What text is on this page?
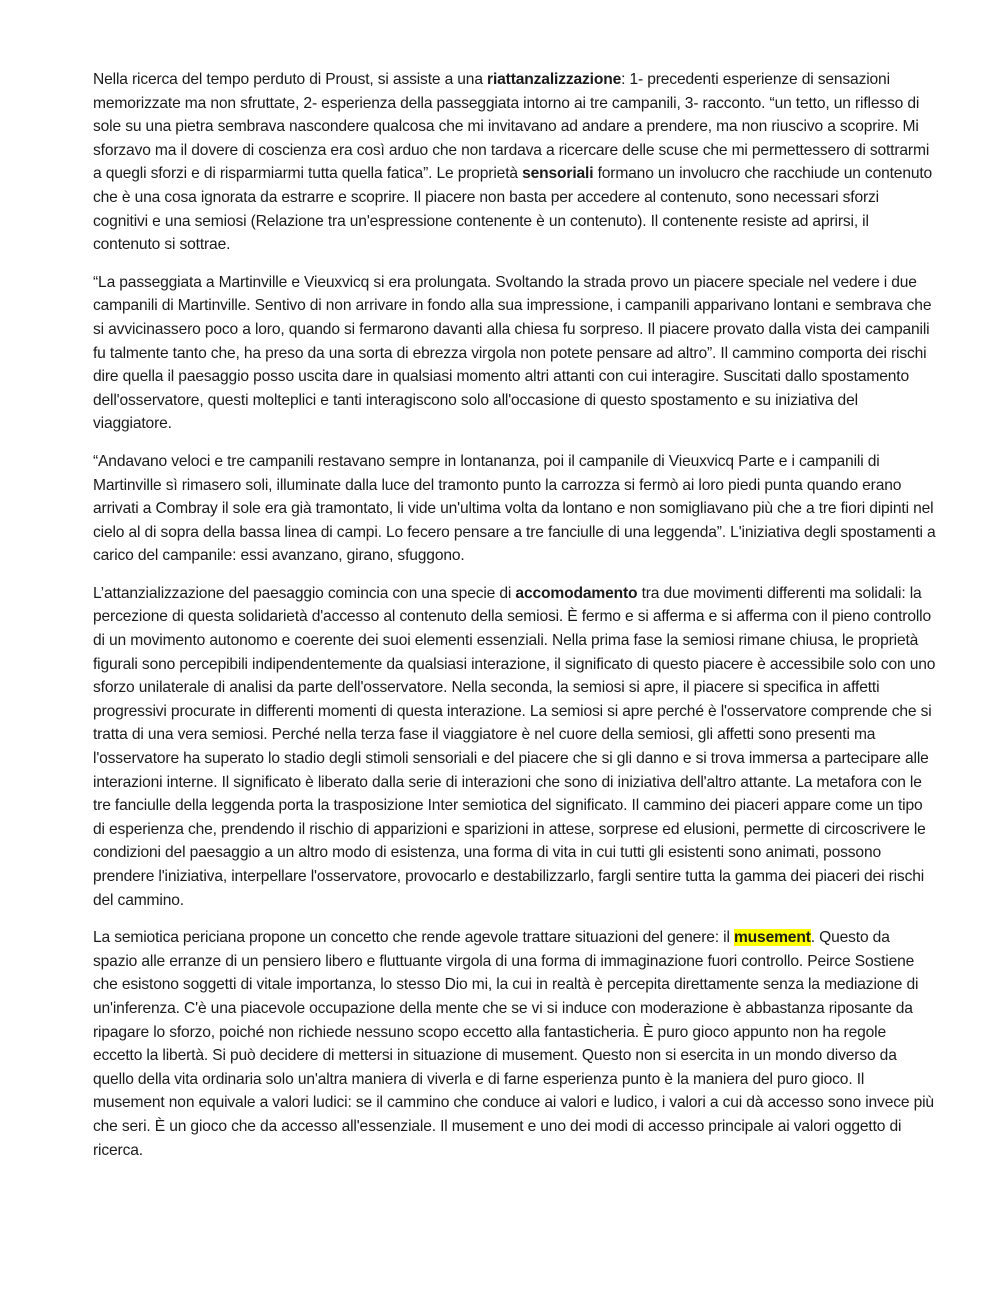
Nella ricerca del tempo perduto di Proust, si assiste a una riattanzalizzazione: 1- precedenti esperienze di sensazioni memorizzate ma non sfruttate, 2- esperienza della passeggiata intorno ai tre campanili, 3- racconto. “un tetto, un riflesso di sole su una pietra sembrava nascondere qualcosa che mi invitavano ad andare a prendere, ma non riuscivo a scoprire. Mi sforzavo ma il dovere di coscienza era così arduo che non tardava a ricercare delle scuse che mi permettessero di sottrarmi a quegli sforzi e di risparmiarmi tutta quella fatica”. Le proprietà sensoriali formano un involucro che racchiude un contenuto che è una cosa ignorata da estrarre e scoprire. Il piacere non basta per accedere al contenuto, sono necessari sforzi cognitivi e una semiosi (Relazione tra un'espressione contenente è un contenuto). Il contenente resiste ad aprirsi, il contenuto si sottrae.

“La passeggiata a Martinville e Vieuxvicq si era prolungata. Svoltando la strada provo un piacere speciale nel vedere i due campanili di Martinville. Sentivo di non arrivare in fondo alla sua impressione, i campanili apparivano lontani e sembrava che si avvicinassero poco a loro, quando si fermarono davanti alla chiesa fu sorpreso. Il piacere provato dalla vista dei campanili fu talmente tanto che, ha preso da una sorta di ebrezza virgola non potete pensare ad altro”. Il cammino comporta dei rischi dire quella il paesaggio posso uscita dare in qualsiasi momento altri attanti con cui interagire. Suscitati dallo spostamento dell'osservatore, questi molteplici e tanti interagiscono solo all'occasione di questo spostamento e su iniziativa del viaggiatore.

“Andavano veloci e tre campanili restavano sempre in lontananza, poi il campanile di Vieuxvicq Parte e i campanili di Martinville sì rimasero soli, illuminate dalla luce del tramonto punto la carrozza si fermò ai loro piedi punta quando erano arrivati a Combray il sole era già tramontato, li vide un'ultima volta da lontano e non somigliavano più che a tre fiori dipinti nel cielo al di sopra della bassa linea di campi. Lo fecero pensare a tre fanciulle di una leggenda”. L'iniziativa degli spostamenti a carico del campanile: essi avanzano, girano, sfuggono.

L’attanzializzazione del paesaggio comincia con una specie di accomodamento tra due movimenti differenti ma solidali: la percezione di questa solidarietà d'accesso al contenuto della semiosi. È fermo e si afferma e si afferma con il pieno controllo di un movimento autonomo e coerente dei suoi elementi essenziali. Nella prima fase la semiosi rimane chiusa, le proprietà figurali sono percepibili indipendentemente da qualsiasi interazione, il significato di questo piacere è accessibile solo con uno sforzo unilaterale di analisi da parte dell'osservatore. Nella seconda, la semiosi si apre, il piacere si specifica in affetti progressivi procurate in differenti momenti di questa interazione. La semiosi si apre perché è l'osservatore comprende che si tratta di una vera semiosi. Perché nella terza fase il viaggiatore è nel cuore della semiosi, gli affetti sono presenti ma l'osservatore ha superato lo stadio degli stimoli sensoriali e del piacere che si gli danno e si trova immersa a partecipare alle interazioni interne. Il significato è liberato dalla serie di interazioni che sono di iniziativa dell'altro attante. La metafora con le tre fanciulle della leggenda porta la trasposizione Inter semiotica del significato. Il cammino dei piaceri appare come un tipo di esperienza che, prendendo il rischio di apparizioni e sparizioni in attese, sorprese ed elusioni, permette di circoscrivere le condizioni del paesaggio a un altro modo di esistenza, una forma di vita in cui tutti gli esistenti sono animati, possono prendere l'iniziativa, interpellare l'osservatore, provocarlo e destabilizzarlo, fargli sentire tutta la gamma dei piaceri dei rischi del cammino.

La semiotica periciana propone un concetto che rende agevole trattare situazioni del genere: il musement. Questo da spazio alle erranze di un pensiero libero e fluttuante virgola di una forma di immaginazione fuori controllo. Peirce Sostiene che esistono soggetti di vitale importanza, lo stesso Dio mi, la cui in realtà è percepita direttamente senza la mediazione di un'inferenza. C'è una piacevole occupazione della mente che se vi si induce con moderazione è abbastanza riposante da ripagare lo sforzo, poiché non richiede nessuno scopo eccetto alla fantasticheria. È puro gioco appunto non ha regole eccetto la libertà. Si può decidere di mettersi in situazione di musement. Questo non si esercita in un mondo diverso da quello della vita ordinaria solo un'altra maniera di viverla e di farne esperienza punto è la maniera del puro gioco. Il musement non equivale a valori ludici: se il cammino che conduce ai valori e ludico, i valori a cui dà accesso sono invece più che seri. È un gioco che da accesso all'essenziale. Il musement e uno dei modi di accesso principale ai valori oggetto di ricerca.
